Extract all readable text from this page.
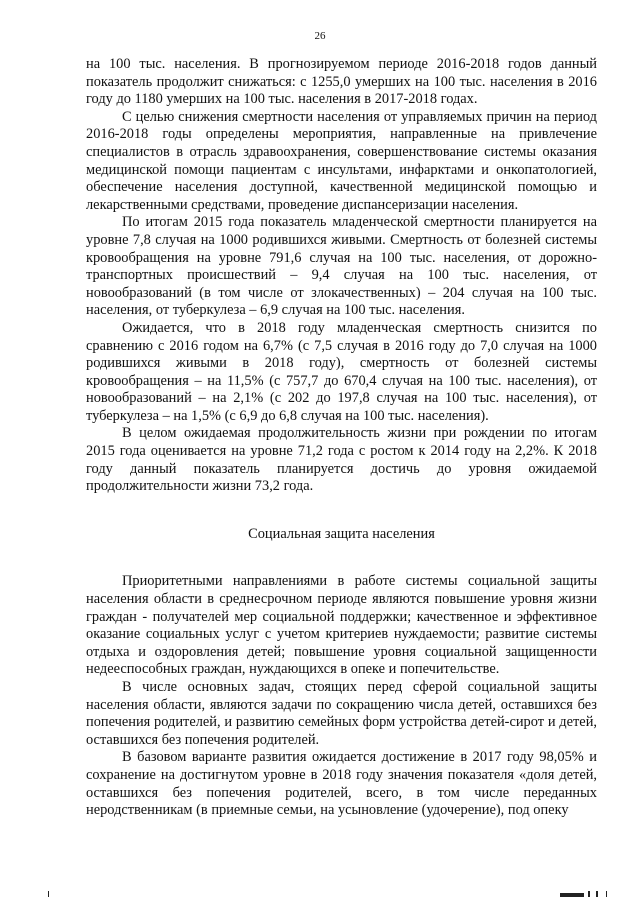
26

на 100 тыс. населения. В прогнозируемом периоде 2016-2018 годов данный показатель продолжит снижаться: с 1255,0 умерших на 100 тыс. населения в 2016 году до 1180 умерших на 100 тыс. населения в 2017-2018 годах.

С целью снижения смертности населения от управляемых причин на период 2016-2018 годы определены мероприятия, направленные на привлечение специалистов в отрасль здравоохранения, совершенствование системы оказания медицинской помощи пациентам с инсультами, инфарктами и онкопатологией, обеспечение населения доступной, качественной медицинской помощью и лекарственными средствами, проведение диспансеризации населения.

По итогам 2015 года показатель младенческой смертности планируется на уровне 7,8 случая на 1000 родившихся живыми. Смертность от болезней системы кровообращения на уровне 791,6 случая на 100 тыс. населения, от дорожно-транспортных происшествий – 9,4 случая на 100 тыс. населения, от новообразований (в том числе от злокачественных) – 204 случая на 100 тыс. населения, от туберкулеза – 6,9 случая на 100 тыс. населения.

Ожидается, что в 2018 году младенческая смертность снизится по сравнению с 2016 годом на 6,7% (с 7,5 случая в 2016 году до 7,0 случая на 1000 родившихся живыми в 2018 году), смертность от болезней системы кровообращения – на 11,5% (с 757,7 до 670,4 случая на 100 тыс. населения), от новообразований – на 2,1% (с 202 до 197,8 случая на 100 тыс. населения), от туберкулеза – на 1,5% (с 6,9 до 6,8 случая на 100 тыс. населения).

В целом ожидаемая продолжительность жизни при рождении по итогам 2015 года оценивается на уровне 71,2 года с ростом к 2014 году на 2,2%. К 2018 году данный показатель планируется достичь до уровня ожидаемой продолжительности жизни 73,2 года.

Социальная защита населения

Приоритетными направлениями в работе системы социальной защиты населения области в среднесрочном периоде являются повышение уровня жизни граждан - получателей мер социальной поддержки; качественное и эффективное оказание социальных услуг с учетом критериев нуждаемости; развитие системы отдыха и оздоровления детей; повышение уровня социальной защищенности недееспособных граждан, нуждающихся в опеке и попечительстве.

В числе основных задач, стоящих перед сферой социальной защиты населения области, являются задачи по сокращению числа детей, оставшихся без попечения родителей, и развитию семейных форм устройства детей-сирот и детей, оставшихся без попечения родителей.

В базовом варианте развития ожидается достижение в 2017 году 98,05% и сохранение на достигнутом уровне в 2018 году значения показателя «доля детей, оставшихся без попечения родителей, всего, в том числе переданных неродственникам (в приемные семьи, на усыновление (удочерение), под опеку
